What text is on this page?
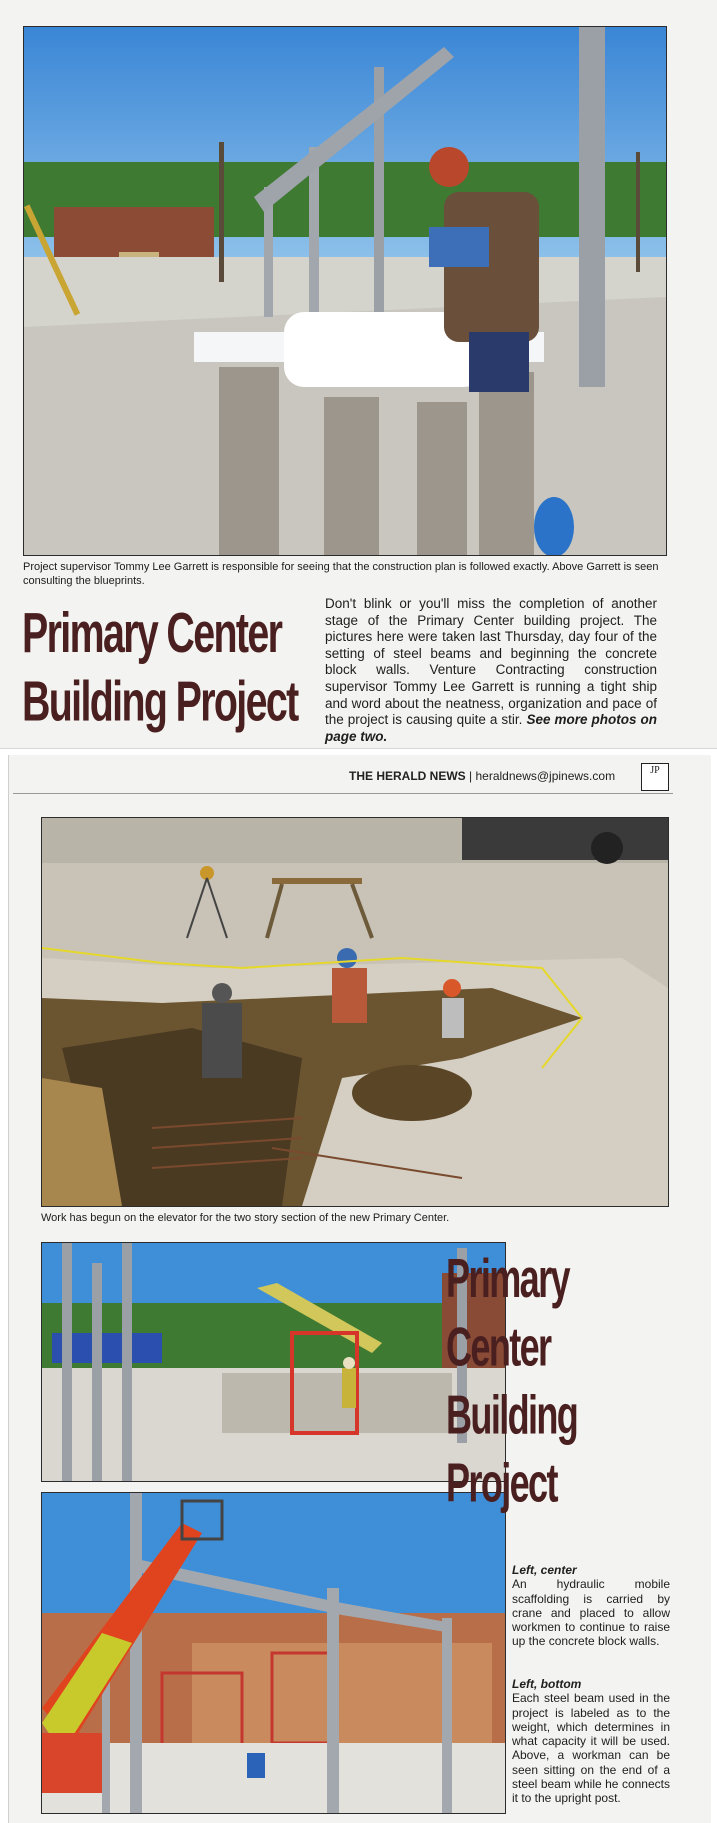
Project supervisor Tommy Lee Garrett is responsible for seeing that the construction plan is followed exactly. Above Garrett is seen consulting the blueprints.
Primary Center
Building Project
Don't blink or you'll miss the completion of another stage of the Primary Center building project. The pictures here were taken last Thursday, day four of the setting of steel beams and beginning the concrete block walls. Venture Contracting construction supervisor Tommy Lee Garrett is running a tight ship and word about the neatness, organization and pace of the project is causing quite a stir. See more photos on page two.
THE HERALD NEWS | heraldnews@jpinews.com	JP
Work has begun on the elevator for the two story section of the new Primary Center.
Primary
Center
Building
Project
Left, center
An hydraulic mobile scaffolding is carried by crane and placed to allow workmen to continue to raise up the concrete block walls.
Left, bottom
Each steel beam used in the project is labeled as to the weight, which determines in what capacity it will be used. Above, a workman can be seen sitting on the end of a steel beam while he connects it to the upright post.
